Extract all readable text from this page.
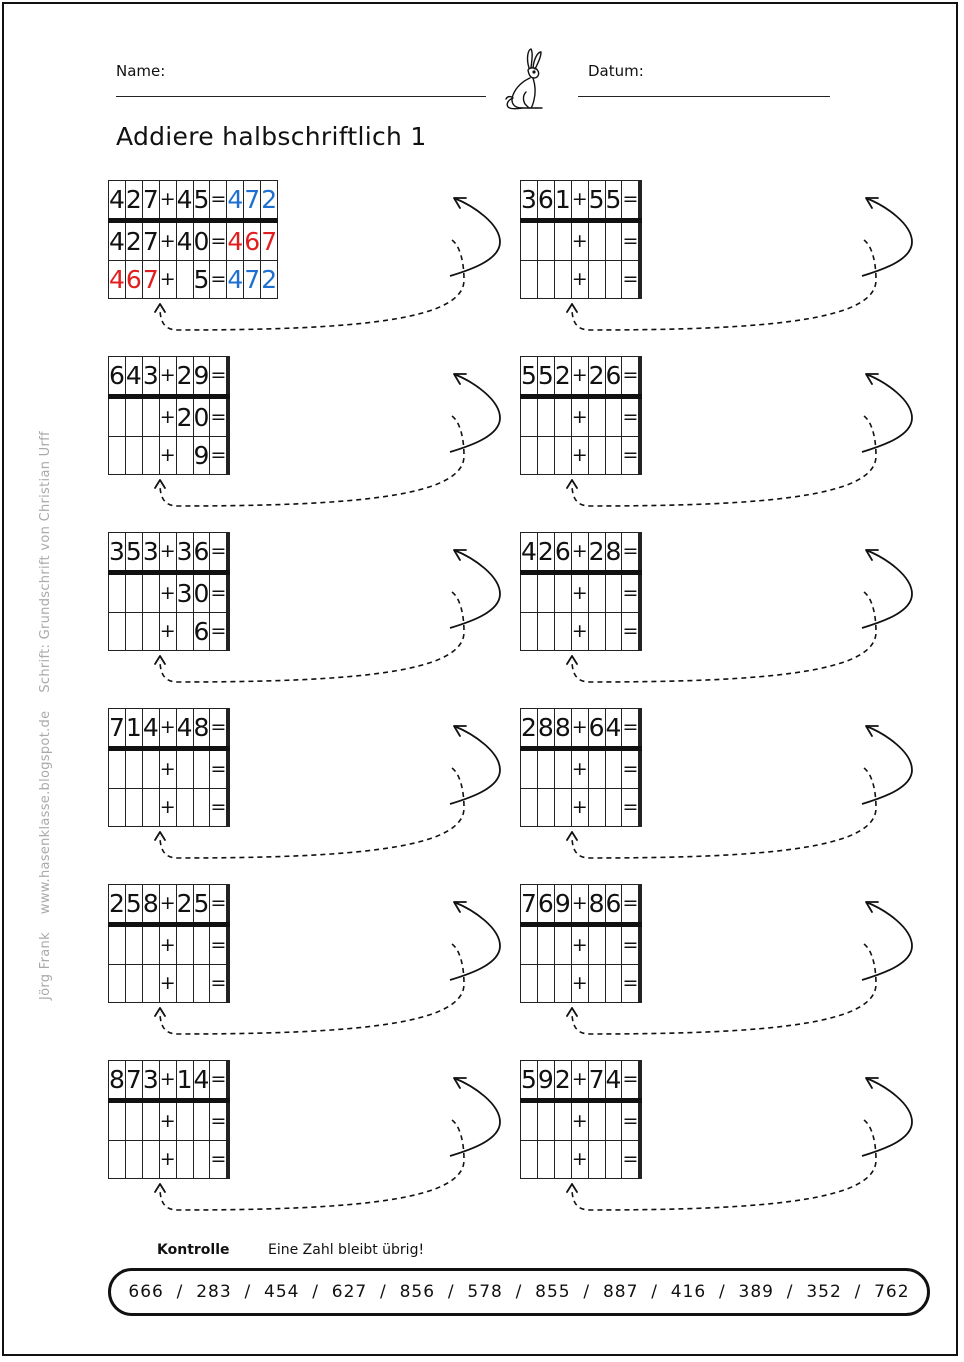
Name:	Datum:
Addiere halbschriftlich 1
Jörg Frankwww.hasenklasse.blogspot.deSchrift: Grundschrift von Christian Urff
4	2	7	+	4	5	=	4	7	2
4	2	7	+	4	0	=	4	6	7
4	6	7	+		5	=	4	7	2
3	6	1	+	5	5	=			
			+			=			
			+			=			
6	4	3	+	2	9	=			
			+	2	0	=			
			+		9	=			
5	5	2	+	2	6	=			
			+			=			
			+			=			
3	5	3	+	3	6	=			
			+	3	0	=			
			+		6	=			
4	2	6	+	2	8	=			
			+			=			
			+			=			
7	1	4	+	4	8	=			
			+			=			
			+			=			
2	8	8	+	6	4	=			
			+			=			
			+			=			
2	5	8	+	2	5	=			
			+			=			
			+			=			
7	6	9	+	8	6	=			
			+			=			
			+			=			
8	7	3	+	1	4	=			
			+			=			
			+			=			
5	9	2	+	7	4	=			
			+			=			
			+			=			
Kontrolle	Eine Zahl bleibt übrig!
666  /  283  /  454  /  627  /  856  /  578  /  855  /  887  /  416  /  389  /  352  /  762
